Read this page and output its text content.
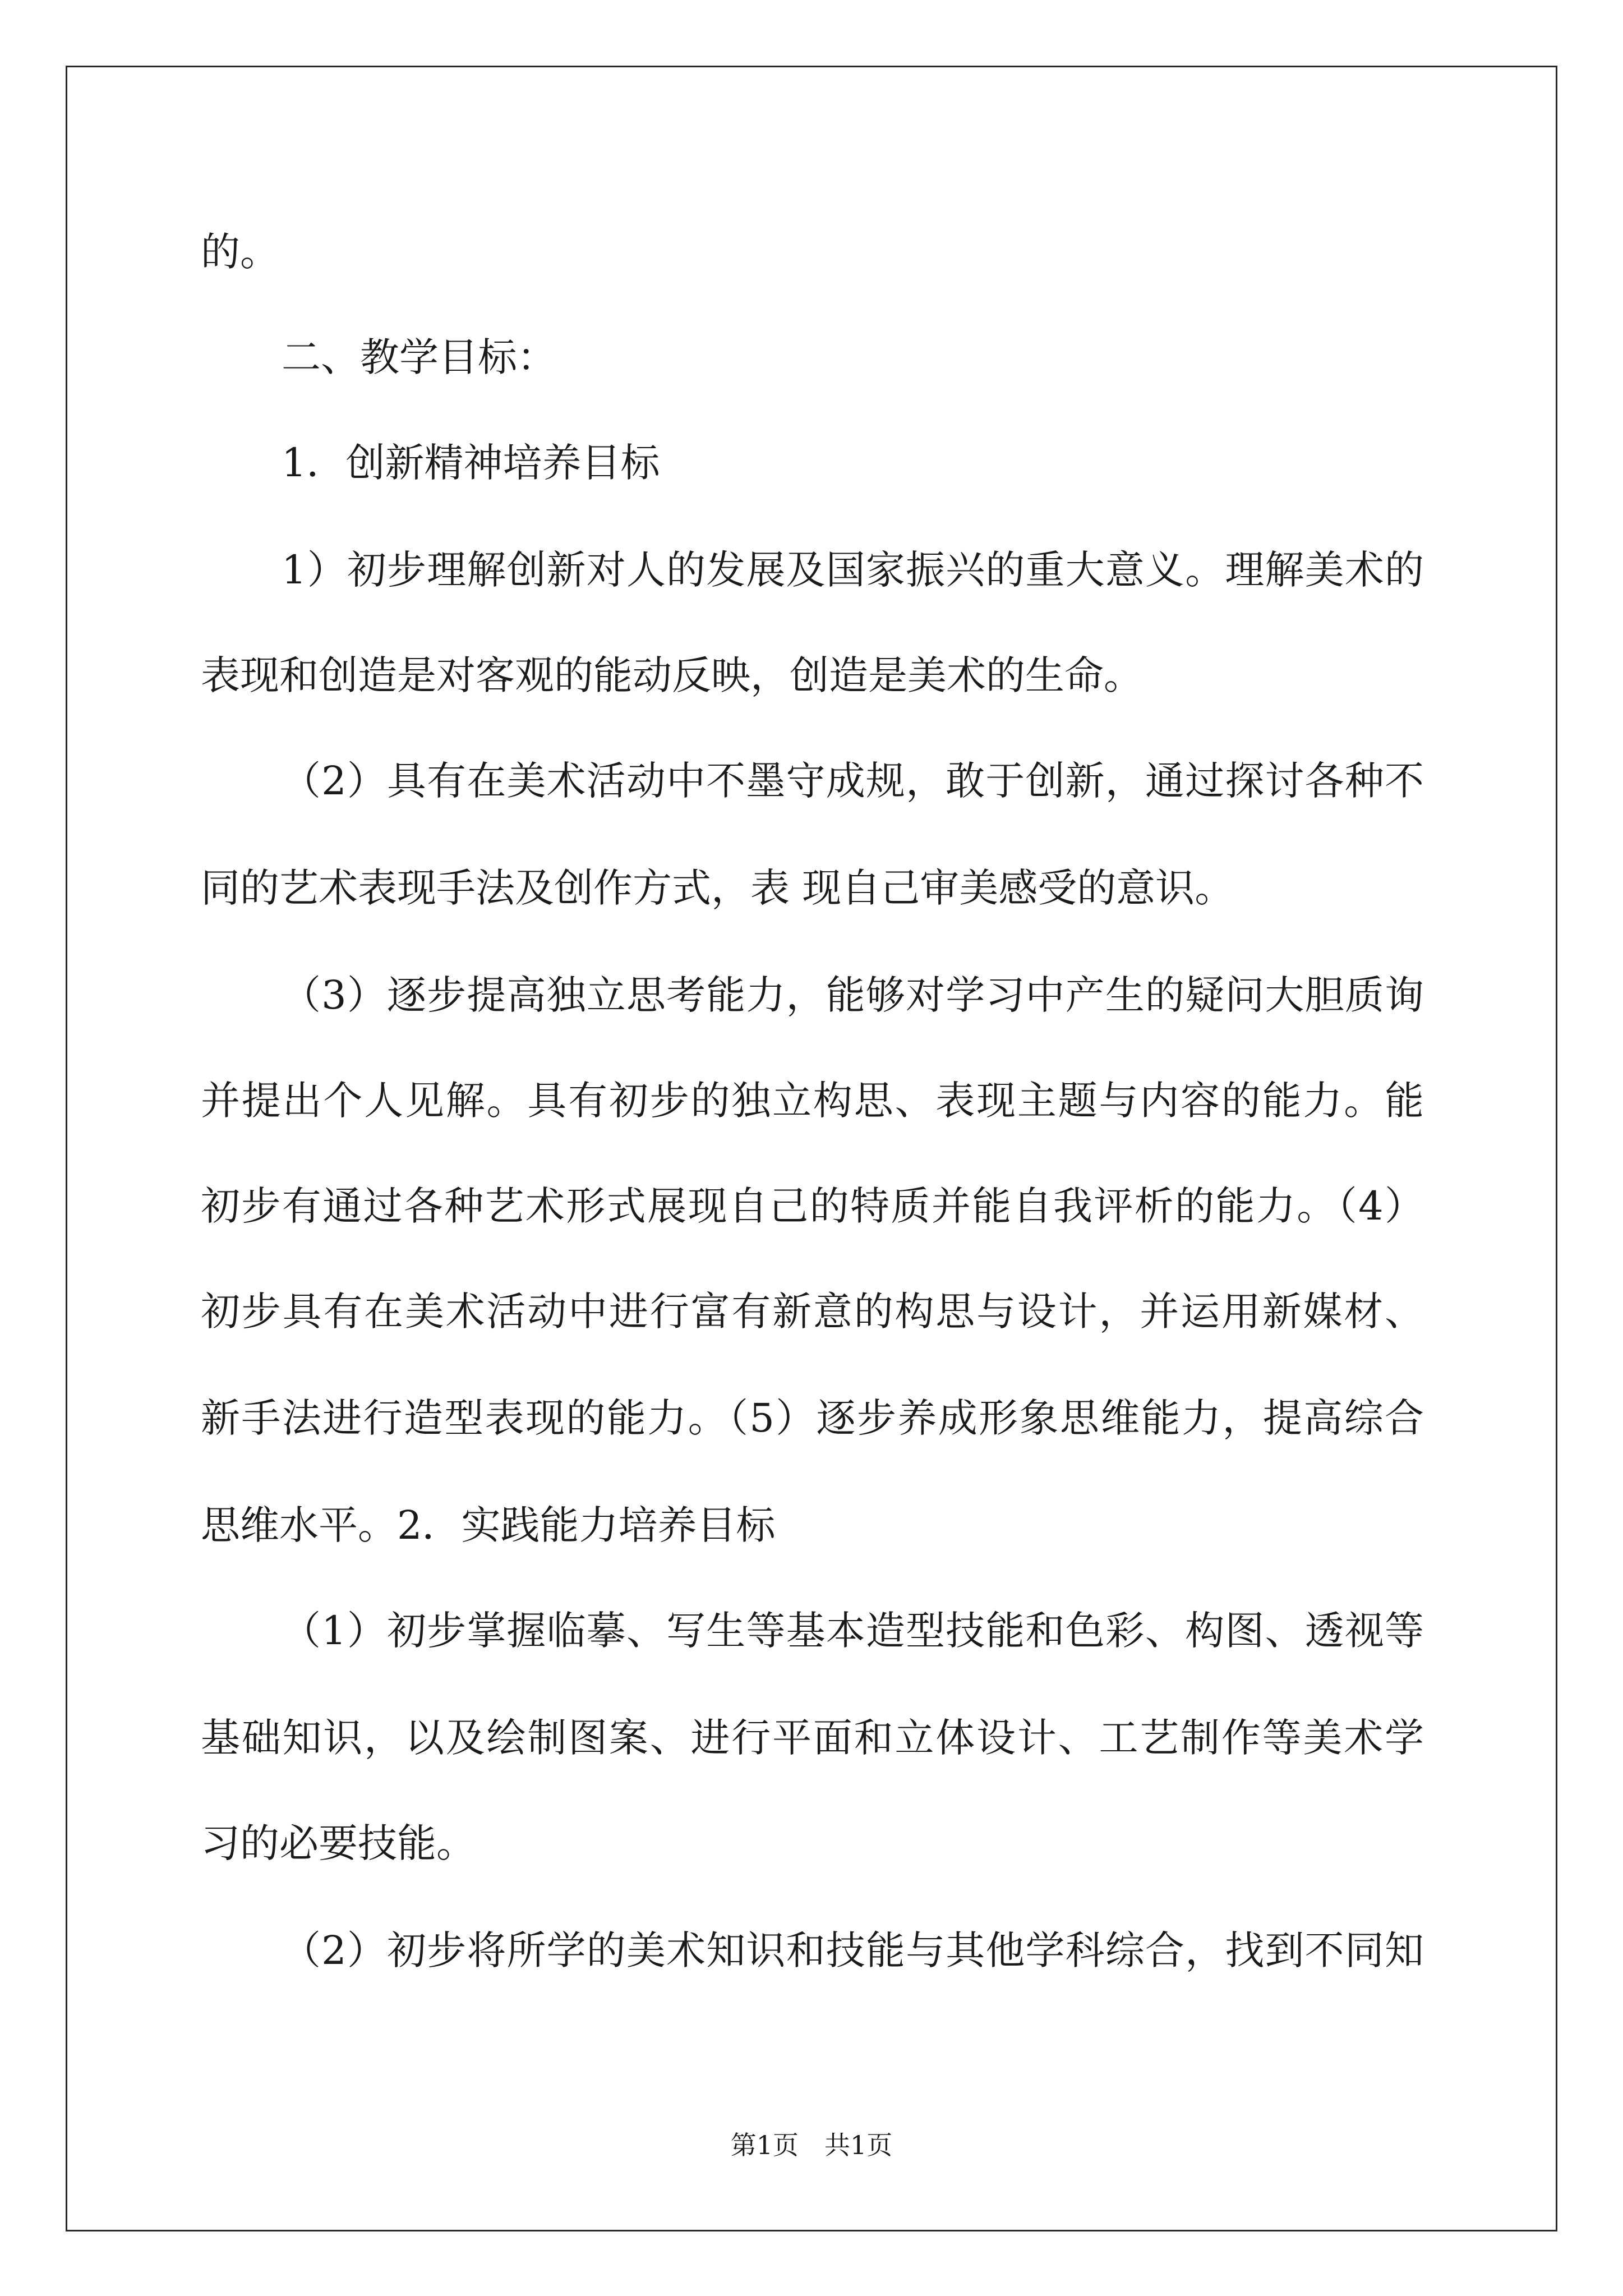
的。
二、教学目标：
1．创新精神培养目标
1）初步理解创新对人的发展及国家振兴的重大意义。理解美术的
表现和创造是对客观的能动反映，创造是美术的生命。
（2）具有在美术活动中不墨守成规，敢于创新，通过探讨各种不
同的艺术表现手法及创作方式，表 现自己审美感受的意识。
（3）逐步提高独立思考能力，能够对学习中产生的疑问大胆质询
并提出个人见解。具有初步的独立构思、表现主题与内容的能力。能
初步有通过各种艺术形式展现自己的特质并能自我评析的能力。（4）
初步具有在美术活动中进行富有新意的构思与设计，并运用新媒材、
新手法进行造型表现的能力。（5）逐步养成形象思维能力，提高综合
思维水平。2．实践能力培养目标
（1）初步掌握临摹、写生等基本造型技能和色彩、构图、透视等
基础知识，以及绘制图案、进行平面和立体设计、工艺制作等美术学
习的必要技能。
（2）初步将所学的美术知识和技能与其他学科综合，找到不同知
第1页　共1页
